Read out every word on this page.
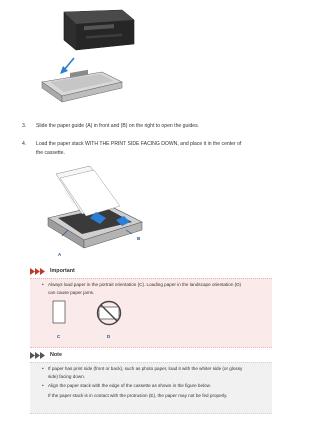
3. Slide the paper guide (A) in front and (B) on the right to open the guides.
4. Load the paper stack WITH THE PRINT SIDE FACING DOWN, and place it in the center of
the cassette.
A
B
Important
• Always load paper in the portrait orientation (C). Loading paper in the landscape orientation (D)
can cause paper jams.
C	D
Note
• If paper has print side (front or back), such as photo paper, load it with the whiter side (or glossy
side) facing down.
• Align the paper stack with the edge of the cassette as shown in the figure below.
If the paper stack is in contact with the protrusion (E), the paper may not be fed properly.
